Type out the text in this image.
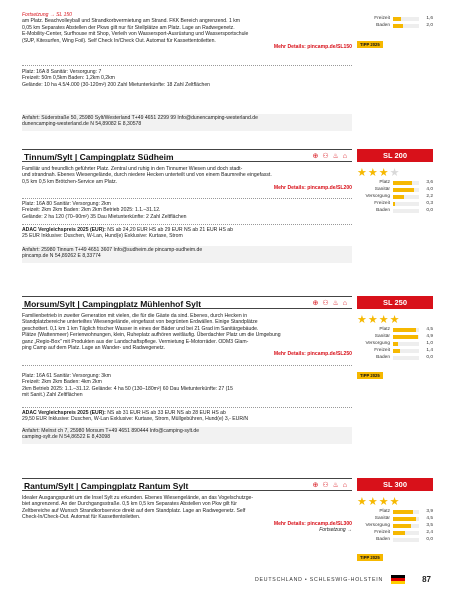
Fortsetzung → SL 150
am Platz. Beachvolleyball und Strandkorbvermietung am Strand. FKK Bereich angrenzend. 1 km
0,05 km Separates Abstellen der Pkws gilt nur für Stellplätze am Platz. Lage an Radwegenetz.
E-Mobility-Center, Surfhouse mit Shop, Verleih von Wassersport-Ausrüstung und Wassersportschule
(SUP, Kitesurfen, Wing Foil). Self Check In/Check Out. Automat für Kassettentoiletten.
Mehr Details: pincamp.de/SL150
Platz: 16A 8 Sanitär: Versorgung: 7
Freizeit: 50m 0,5km Baden: 1,2km 0,2km
Gelände: 10 ha 4.5/4.000 (30-120m²) 200 Zahl Mietunterkünfte: 18 Zahl Zeltflächen
Anfahrt: Süderstraße 50, 25980 Sylt/Westerland T+49 4651 2299 99 Info@dunencamping-westerland.de
dunencamping-westerland.de N 54,89082 E 8,30578
Freizeit	1,6
Baden	2,0
TIPP 2025
Tinnum/Sylt | Campingplatz Südheim	⊕ ⚇ ♨ ⌂	SL 200
Familiär und freundlich geführter Platz. Zentral und ruhig in den Tinnumer Wiesen und doch stadt-
und strandnah. Ebenes Wiesengelände, durch niedere Hecken unterteilt und von einem Baumreihe eingefasst.
0,5 km 0,5 km Brötchen-Service am Platz.
Mehr Details: pincamp.de/SL200
Platz: 16A 80 Sanitär: Versorgung: 2km
Freizeit: 2km 2km Baden: 2km 2km Betrieb 2025: 1.1.–31.12.
Gelände: 2 ha 120 (70–90m²) 35 Dau Mietunterkünfte: 2 Zahl Zeltflächen
ADAC Vergleichspreis 2025 (EUR): NS ab 24,20 EUR HS ab 29 EUR NS ab 21 EUR HS ab
25 EUR Inklusive: Duschen, W-Lan, Hund(e) Exklusive: Kurtaxe, Strom
Anfahrt: 25980 Tinnum T+49 4651 3607 Info@sudheim.de pincamp-sudheim.de
pincamp.de N 54,89262 E 8,33774
★★★★
Platz	3,6
Sanitär	4,0
Versorgung	2,2
Freizeit	0,3
Baden	0,0
Morsum/Sylt | Campingplatz Mühlenhof Sylt	⊕ ⚇ ♨ ⌂	SL 250
Familienbetrieb in zweiter Generation mit vielen, die für die Gäste da sind. Ebenes, durch Hecken in
Standplatzbereiche unterteiltes Wiesengelände, eingefasst von begrünten Erdwällen. Einige Standplätze
geschottert. 0,1 km 1 km Täglich frischer Wasser in eines der Bäder und bei 21 Grad im Sanitärgebäude.
Plätze (Wattenmeer) Ferienwohnungen, klein, Ruheplatz aufhören weitläufig. Überdachter Platz um die Umgebung
ganz „Regio-Box" mit Produkten aus der Landschaftspflege. Vermietung E-Motorräder. ODM3 Glam-
ping Camp auf dem Platz. Lage an Wander- und Radwegenetz.
Mehr Details: pincamp.de/SL250
Platz: 16A 61 Sanitär: Versorgung: 3km
Freizeit: 2km 2km Baden: 4km 2km
2km Betrieb 2025: 1.1.–31.12. Gelände: 4 ha 50 (130–180m²) 60 Dau Mietunterkünfte: 27 (15
mit Sanit.) Zahl Zeltflächen
ADAC Vergleichspreis 2025 (EUR): NS ab 31 EUR HS ab 33 EUR NS ab 28 EUR HS ab
29,50 EUR Inklusive: Duschen, W-Lan Exklusive: Kurtaxe, Strom, Müllgebühren, Hund(e) 3,- EUR/N
Anfahrt: Melnst ch 7, 25980 Morsum T+49 4651 890444 Info@camping-sylt.de
camping-sylt.de N 54,86522 E 8,43098
★★★★
Platz	4,5
Sanitär	4,9
Versorgung	1,0
Freizeit	1,4
Baden	0,0
TIPP 2025
Rantum/Sylt | Campingplatz Rantum Sylt	⊕ ⚇ ♨ ⌂	SL 300
Idealer Ausgangspunkt um die Insel Sylt zu erkunden. Ebenes Wiesengelände, an das Vogelschutzge-
biet angrenzend. An der Durchgangsstraße. 0,5 km 0,5 km Separates Abstellen von Pkw gilt für
Zeltbereiche auf Wunsch Strandkorbservice direkt auf dem Standplatz. Lage an Radwegenetz. Self
Check-In/Check-Out. Automat für Kassettentoiletten.
Mehr Details: pincamp.de/SL300
Fortsetzung →
★★★★
Platz	3,9
Sanitär	4,5
Versorgung	3,5
Freizeit	2,4
Baden	0,0
TIPP 2025
DEUTSCHLAND • SCHLESWIG-HOLSTEIN	87
